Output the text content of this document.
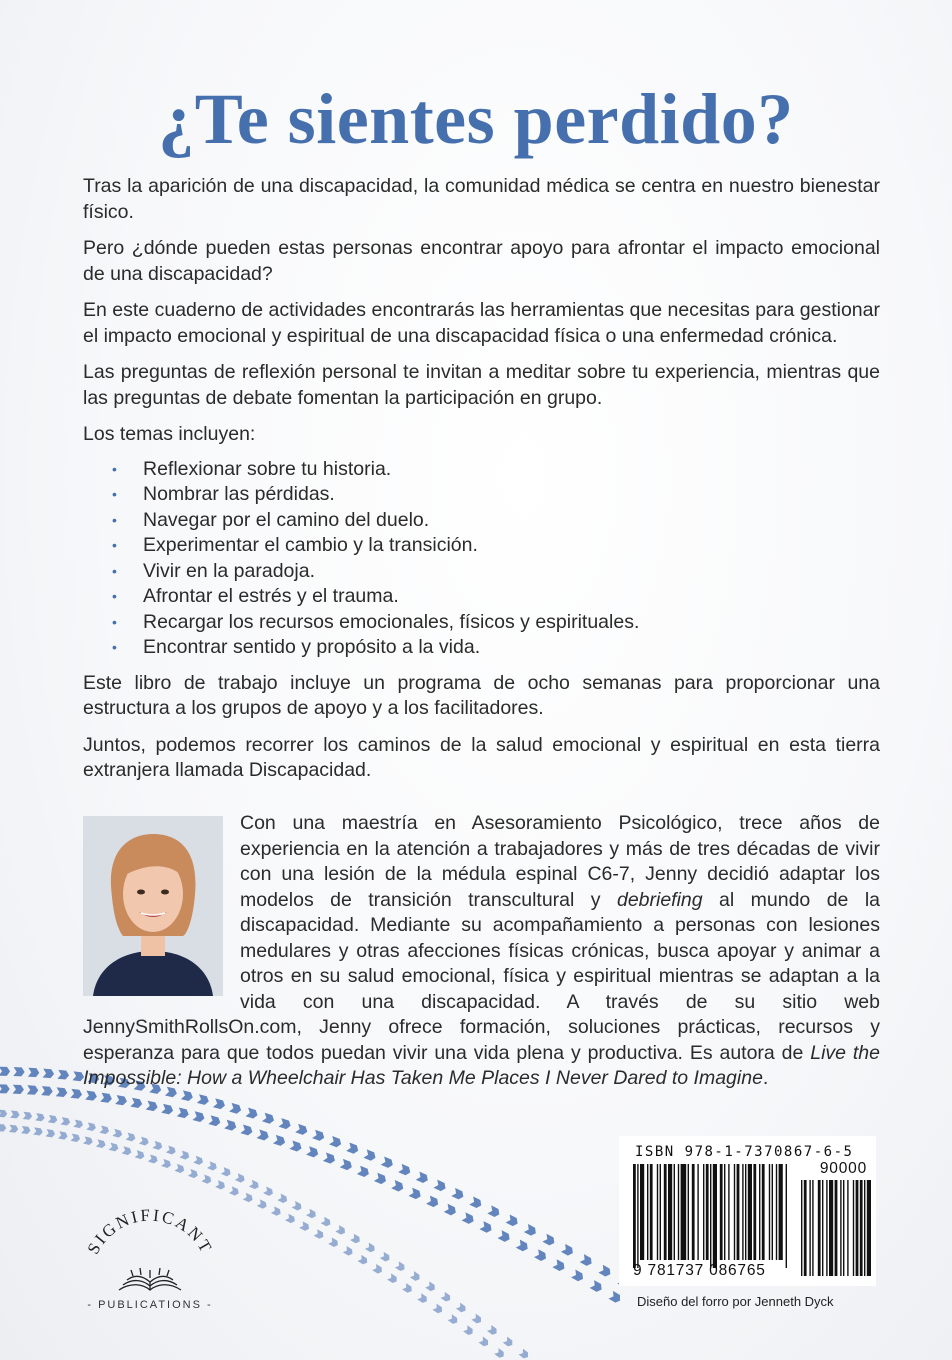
¿Te sientes perdido?

Tras la aparición de una discapacidad, la comunidad médica se centra en nuestro bienestar físico.

Pero ¿dónde pueden estas personas encontrar apoyo para afrontar el impacto emocional de una discapacidad?

En este cuaderno de actividades encontrarás las herramientas que necesitas para gestionar el impacto emocional y espiritual de una discapacidad física o una enfermedad crónica.

Las preguntas de reflexión personal te invitan a meditar sobre tu experiencia, mientras que las preguntas de debate fomentan la participación en grupo.

Los temas incluyen:

• Reflexionar sobre tu historia.
• Nombrar las pérdidas.
• Navegar por el camino del duelo.
• Experimentar el cambio y la transición.
• Vivir en la paradoja.
• Afrontar el estrés y el trauma.
• Recargar los recursos emocionales, físicos y espirituales.
• Encontrar sentido y propósito a la vida.

Este libro de trabajo incluye un programa de ocho semanas para proporcionar una estructura a los grupos de apoyo y a los facilitadores.

Juntos, podemos recorrer los caminos de la salud emocional y espiritual en esta tierra extranjera llamada Discapacidad.

Con una maestría en Asesoramiento Psicológico, trece años de experiencia en la atención a trabajadores y más de tres décadas de vivir con una lesión de la médula espinal C6-7, Jenny decidió adaptar los modelos de transición transcultural y debriefing al mundo de la discapacidad. Mediante su acompañamiento a personas con lesiones medulares y otras afecciones físicas crónicas, busca apoyar y animar a otros en su salud emocional, física y espiritual mientras se adaptan a la vida con una discapacidad. A través de su sitio web JennySmithRollsOn.com, Jenny ofrece formación, soluciones prácticas, recursos y esperanza para que todos puedan vivir una vida plena y productiva. Es autora de Live the Impossible: How a Wheelchair Has Taken Me Places I Never Dared to Imagine.
SIGNIFICANT
- PUBLICATIONS -
ISBN 978-1-7370867-6-5
90000
9 781737 086765
Diseño del forro por Jenneth Dyck
